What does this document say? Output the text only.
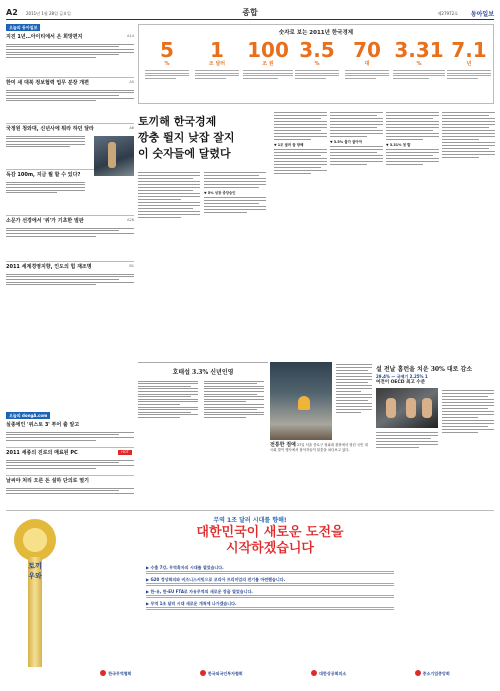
A2 2011년 1월 28일 금요일	종합	제27972호 동아일보
오늘의 동아일보
지진 1년…아이티에서 온 희망편지	A14
한미 새 대북 정보협력 업무 분장 개편	A5
국정원 청와대, 신년사에 뭐라 하던 달라	A6
독감 100m, 지금 뭘 할 수 있다?
소문가 선경에서 '위'가 기초한 벌판	A28
2011 세계경영지향, 인도의 힘 재조명	B1
오늘의 dongA.com
실종에인 '위스토 3' 투어 출 알고
HOT
2011 세종의 진로의 매료된 PC
날씨야 처리 오른 돈 설하 단의로 열기
숫자로 보는 2011년 한국경제
5
%
1
조 달러
100
조 원
3.5
%
70
대
3.31
%
7.1
년
토끼해 한국경제
깡충 뛸지 낮잡 잘지
이 숫자들에 달렸다
▼ 5% 성장 중앙승인
▼ 1조 달러 꿈 향해
▼ 3.5% 물가 잡아야
▼ 3.31% 첫 발
호태섭 3.3% 신년인영
전통한 점예 27일 서울 종로구 청와대 광장에서 열린 국민 대 국회 맞이 행사에서 참석자들이 불꽃을 쳐다보고 있다.
설 전날 홈런을 치운 30% 대로 감소
29.4% — 국제기 2.25% 1
여전이 OECD 최고 수준
무역 1조 달러 시대를 향해!
토끼 우와
대한민국이 새로운 도전을
시작하겠습니다
▶ 수출 7강, 무역흑자의 시대를 열었습니다.
▶ G20 정상회의와 비즈니스서밋으로 코리아 프리미엄의 전기를 마련했습니다.
▶ 한-유, 한-EU FTA로 자유무역의 새로운 장을 열었습니다.
▶ 무역 1조 달러 시대 새로운 개척에 나가겠습니다.
한국무역협회	한국외국인투자협회	대한상공회의소	중소기업중앙회
